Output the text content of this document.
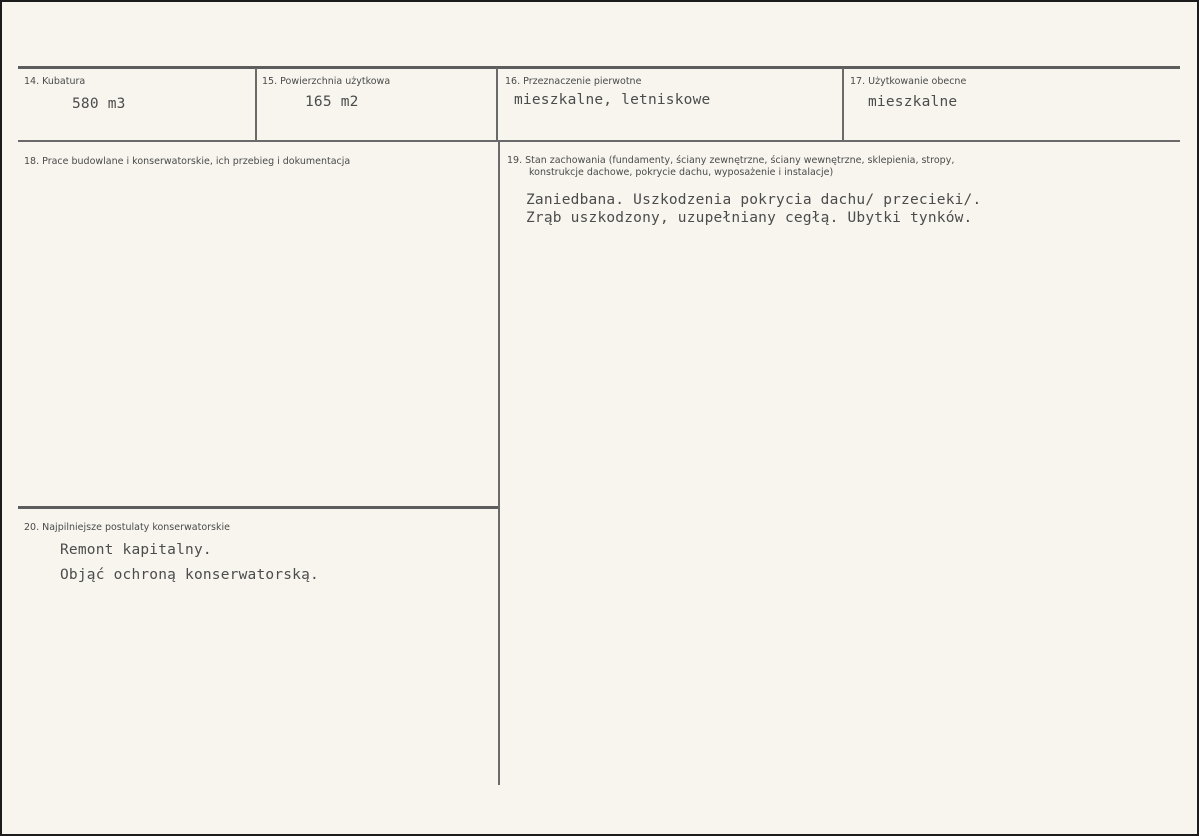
14. Kubatura
580 m3
15. Powierzchnia użytkowa
165 m2
16. Przeznaczenie pierwotne
mieszkalne, letniskowe
17. Użytkowanie obecne
mieszkalne
18. Prace budowlane i konserwatorskie, ich przebieg i dokumentacja	19. Stan zachowania (fundamenty, ściany zewnętrzne, ściany wewnętrzne, sklepienia, stropy,
konstrukcje dachowe, pokrycie dachu, wyposażenie i instalacje)
Zaniedbana. Uszkodzenia pokrycia dachu/ przecieki/.
Zrąb uszkodzony, uzupełniany cegłą. Ubytki tynków.
20. Najpilniejsze postulaty konserwatorskie
Remont kapitalny.
Objąć ochroną konserwatorską.
